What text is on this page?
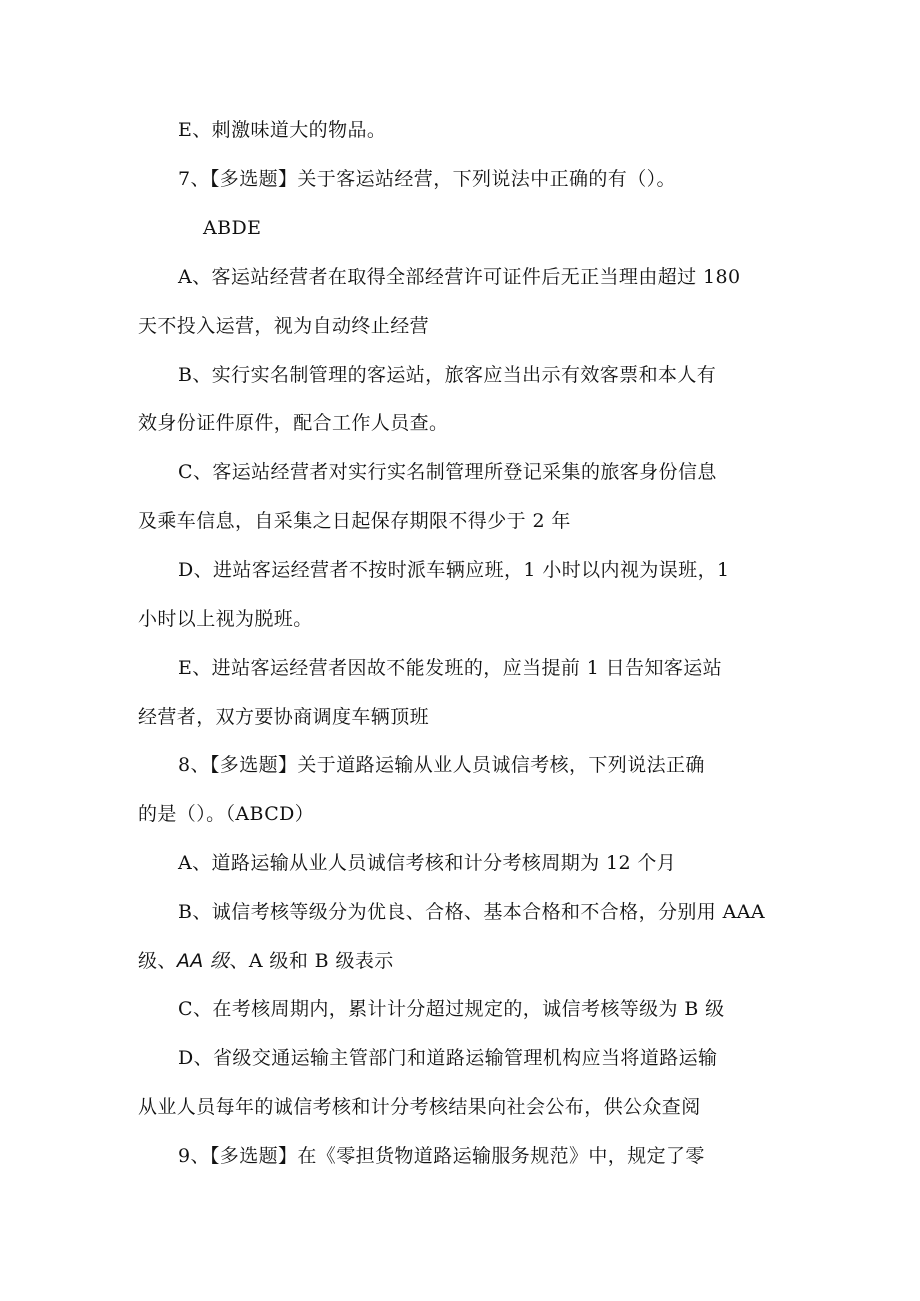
E、刺激味道大的物品。
7、【多选题】关于客运站经营，下列说法中正确的有（）。
ABDE
A、客运站经营者在取得全部经营许可证件后无正当理由超过 180
天不投入运营，视为自动终止经营
B、实行实名制管理的客运站，旅客应当出示有效客票和本人有
效身份证件原件，配合工作人员查。
C、客运站经营者对实行实名制管理所登记采集的旅客身份信息
及乘车信息，自采集之日起保存期限不得少于 2 年
D、进站客运经营者不按时派车辆应班，1 小时以内视为误班，1
小时以上视为脱班。
E、进站客运经营者因故不能发班的，应当提前 1 日告知客运站
经营者，双方要协商调度车辆顶班
8、【多选题】关于道路运输从业人员诚信考核，下列说法正确
的是（）。（ABCD）
A、道路运输从业人员诚信考核和计分考核周期为 12 个月
B、诚信考核等级分为优良、合格、基本合格和不合格，分别用 AAA
级、AA 级、A 级和 B 级表示
C、在考核周期内，累计计分超过规定的，诚信考核等级为 B 级
D、省级交通运输主管部门和道路运输管理机构应当将道路运输
从业人员每年的诚信考核和计分考核结果向社会公布，供公众查阅
9、【多选题】在《零担货物道路运输服务规范》中，规定了零
